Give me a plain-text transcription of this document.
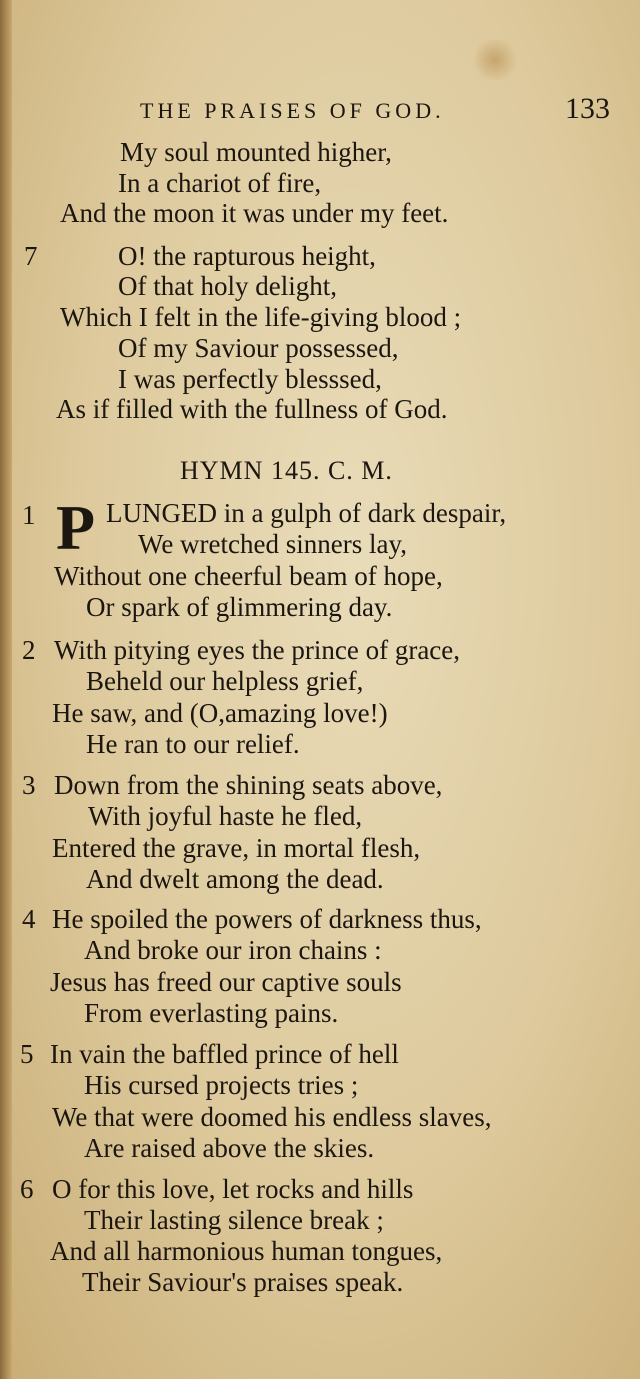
THE PRAISES OF GOD.	133
My soul mounted higher,
In a chariot of fire,
And the moon it was under my feet.
7	O! the rapturous height,
Of that holy delight,
Which I felt in the life-giving blood ;
Of my Saviour possessed,
I was perfectly blesssed,
As if filled with the fullness of God.
HYMN 145. C. M.
1 P LUNGED in a gulph of dark despair,
We wretched sinners lay,
Without one cheerful beam of hope,
Or spark of glimmering day.
2 With pitying eyes the prince of grace,
Beheld our helpless grief,
He saw, and (O,amazing love!)
He ran to our relief.
3 Down from the shining seats above,
With joyful haste he fled,
Entered the grave, in mortal flesh,
And dwelt among the dead.
4 He spoiled the powers of darkness thus,
And broke our iron chains :
Jesus has freed our captive souls
From everlasting pains.
5 In vain the baffled prince of hell
His cursed projects tries ;
We that were doomed his endless slaves,
Are raised above the skies.
6 O for this love, let rocks and hills
Their lasting silence break ;
And all harmonious human tongues,
Their Saviour's praises speak.
